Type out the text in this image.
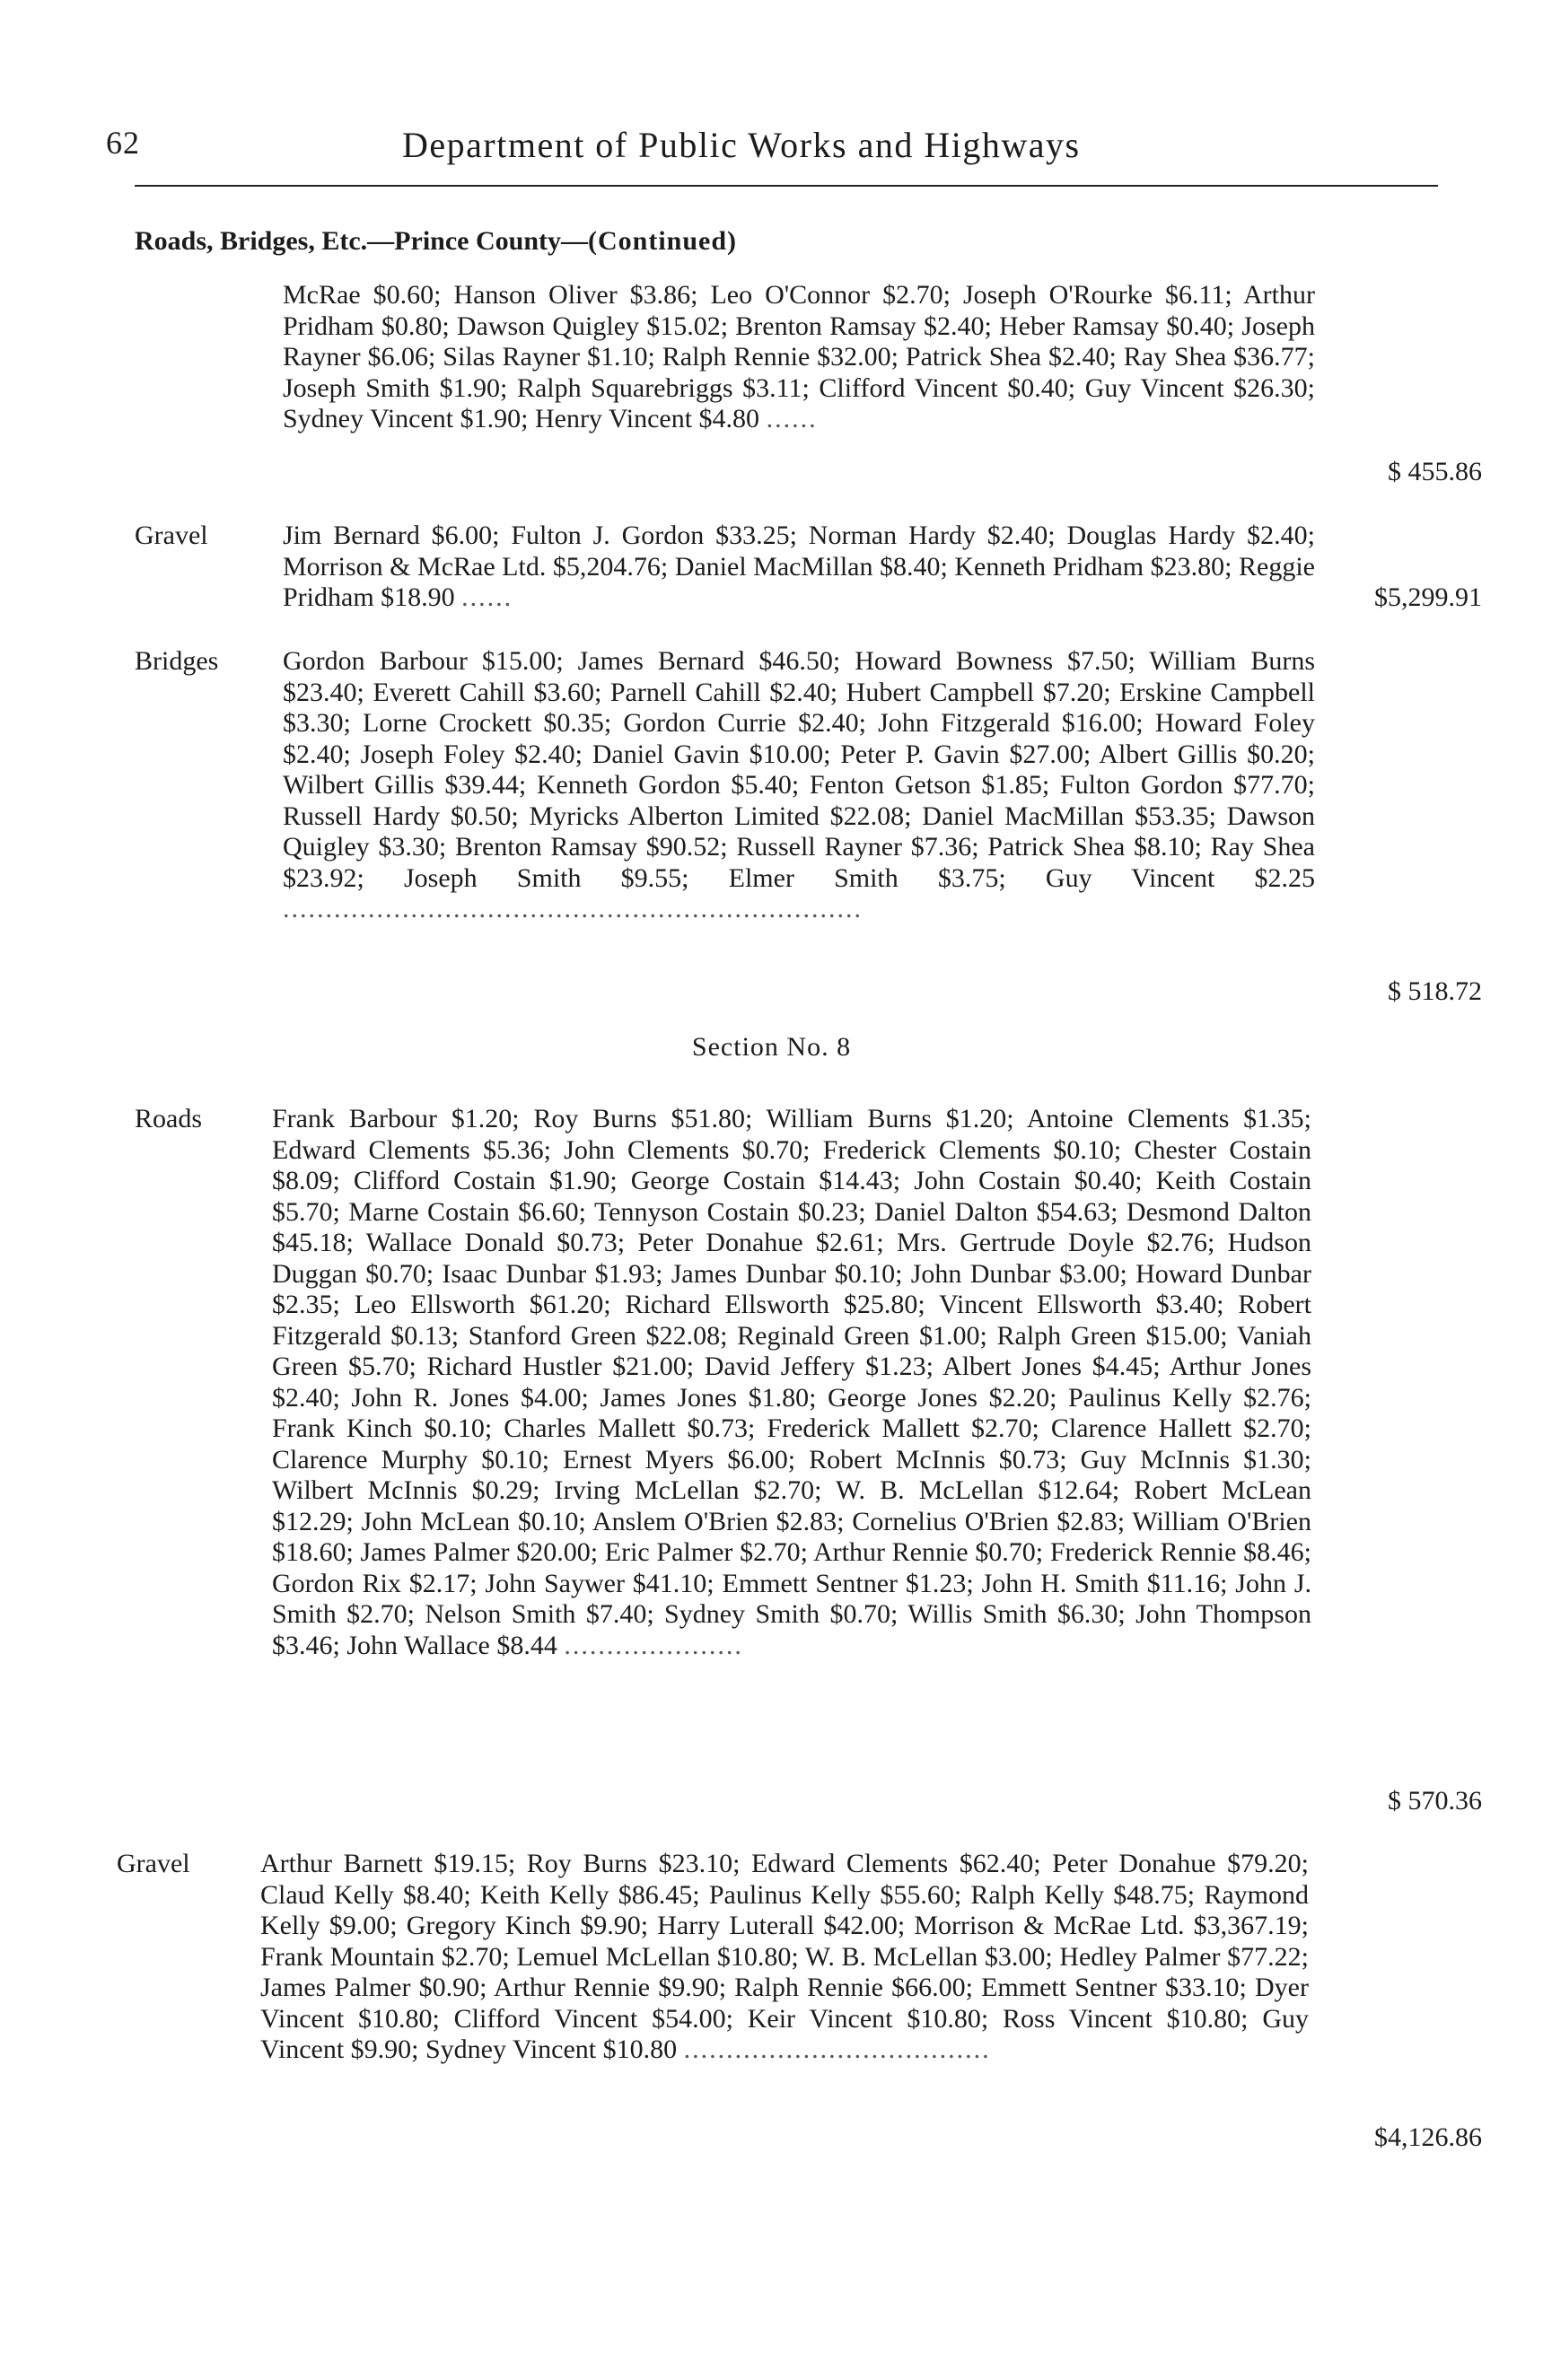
62	Department of Public Works and Highways
Roads, Bridges, Etc.—Prince County—(Continued)
McRae $0.60; Hanson Oliver $3.86; Leo O'Connor $2.70; Joseph O'Rourke $6.11; Arthur Pridham $0.80; Dawson Quigley $15.02; Brenton Ramsay $2.40; Heber Ramsay $0.40; Joseph Rayner $6.06; Silas Rayner $1.10; Ralph Rennie $32.00; Patrick Shea $2.40; Ray Shea $36.77; Joseph Smith $1.90; Ralph Squarebriggs $3.11; Clifford Vincent $0.40; Guy Vincent $26.30; Sydney Vincent $1.90; Henry Vincent $4.80 ......
$ 455.86
Gravel	Jim Bernard $6.00; Fulton J. Gordon $33.25; Norman Hardy $2.40; Douglas Hardy $2.40; Morrison & McRae Ltd. $5,204.76; Daniel MacMillan $8.40; Kenneth Pridham $23.80; Reggie Pridham $18.90 ......	$5,299.91
Bridges Gordon Barbour $15.00; James Bernard $46.50; Howard Bowness $7.50; William Burns $23.40; Everett Cahill $3.60; Parnell Cahill $2.40; Hubert Campbell $7.20; Erskine Campbell $3.30; Lorne Crockett $0.35; Gordon Currie $2.40; John Fitzgerald $16.00; Howard Foley $2.40; Joseph Foley $2.40; Daniel Gavin $10.00; Peter P. Gavin $27.00; Albert Gillis $0.20; Wilbert Gillis $39.44; Kenneth Gordon $5.40; Fenton Getson $1.85; Fulton Gordon $77.70; Russell Hardy $0.50; Myricks Alberton Limited $22.08; Daniel MacMillan $53.35; Dawson Quigley $3.30; Brenton Ramsay $90.52; Russell Rayner $7.36; Patrick Shea $8.10; Ray Shea $23.92; Joseph Smith $9.55; Elmer Smith $3.75; Guy Vincent $2.25 ....................................................................
$ 518.72
Section No. 8
Roads	Frank Barbour $1.20; Roy Burns $51.80; William Burns $1.20; Antoine Clements $1.35; Edward Clements $5.36; John Clements $0.70; Frederick Clements $0.10; Chester Costain $8.09; Clifford Costain $1.90; George Costain $14.43; John Costain $0.40; Keith Costain $5.70; Marne Costain $6.60; Tennyson Costain $0.23; Daniel Dalton $54.63; Desmond Dalton $45.18; Wallace Donald $0.73; Peter Donahue $2.61; Mrs. Gertrude Doyle $2.76; Hudson Duggan $0.70; Isaac Dunbar $1.93; James Dunbar $0.10; John Dunbar $3.00; Howard Dunbar $2.35; Leo Ellsworth $61.20; Richard Ellsworth $25.80; Vincent Ellsworth $3.40; Robert Fitzgerald $0.13; Stanford Green $22.08; Reginald Green $1.00; Ralph Green $15.00; Vaniah Green $5.70; Richard Hustler $21.00; David Jeffery $1.23; Albert Jones $4.45; Arthur Jones $2.40; John R. Jones $4.00; James Jones $1.80; George Jones $2.20; Paulinus Kelly $2.76; Frank Kinch $0.10; Charles Mallett $0.73; Frederick Mallett $2.70; Clarence Hallett $2.70; Clarence Murphy $0.10; Ernest Myers $6.00; Robert McInnis $0.73; Guy McInnis $1.30; Wilbert McInnis $0.29; Irving McLellan $2.70; W. B. McLellan $12.64; Robert McLean $12.29; John McLean $0.10; Anslem O'Brien $2.83; Cornelius O'Brien $2.83; William O'Brien $18.60; James Palmer $20.00; Eric Palmer $2.70; Arthur Rennie $0.70; Frederick Rennie $8.46; Gordon Rix $2.17; John Saywer $41.10; Emmett Sentner $1.23; John H. Smith $11.16; John J. Smith $2.70; Nelson Smith $7.40; Sydney Smith $0.70; Willis Smith $6.30; John Thompson $3.46; John Wallace $8.44 .....................
$ 570.36
Gravel	Arthur Barnett $19.15; Roy Burns $23.10; Edward Clements $62.40; Peter Donahue $79.20; Claud Kelly $8.40; Keith Kelly $86.45; Paulinus Kelly $55.60; Ralph Kelly $48.75; Raymond Kelly $9.00; Gregory Kinch $9.90; Harry Luterall $42.00; Morrison & McRae Ltd. $3,367.19; Frank Mountain $2.70; Lemuel McLellan $10.80; W. B. McLellan $3.00; Hedley Palmer $77.22; James Palmer $0.90; Arthur Rennie $9.90; Ralph Rennie $66.00; Emmett Sentner $33.10; Dyer Vincent $10.80; Clifford Vincent $54.00; Keir Vincent $10.80; Ross Vincent $10.80; Guy Vincent $9.90; Sydney Vincent $10.80 ....................................
$4,126.86
